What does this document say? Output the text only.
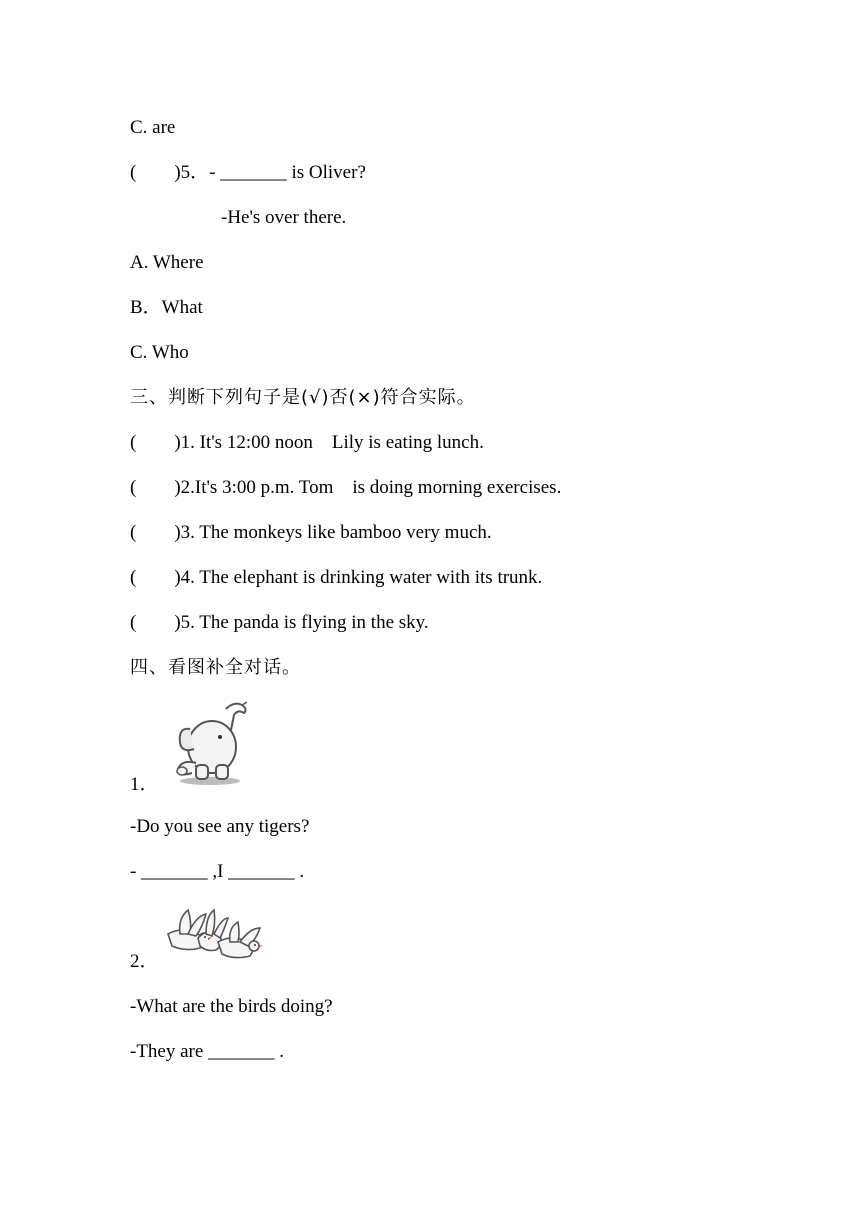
C. are
(        )5．- _______ is Oliver?
-He's over there.
A. Where
B．What
C. Who
三、判断下列句子是(√)否(×)符合实际。
(        )1. It's 12:00 noon    Lily is eating lunch.
(        )2.It's 3:00 p.m. Tom    is doing morning exercises.
(        )3. The monkeys like bamboo very much.
(        )4. The elephant is drinking water with its trunk.
(        )5. The panda is flying in the sky.
四、看图补全对话。
1．
-Do you see any tigers?
- _______ ,I _______ .
2．
-What are the birds doing?
-They are _______ .
